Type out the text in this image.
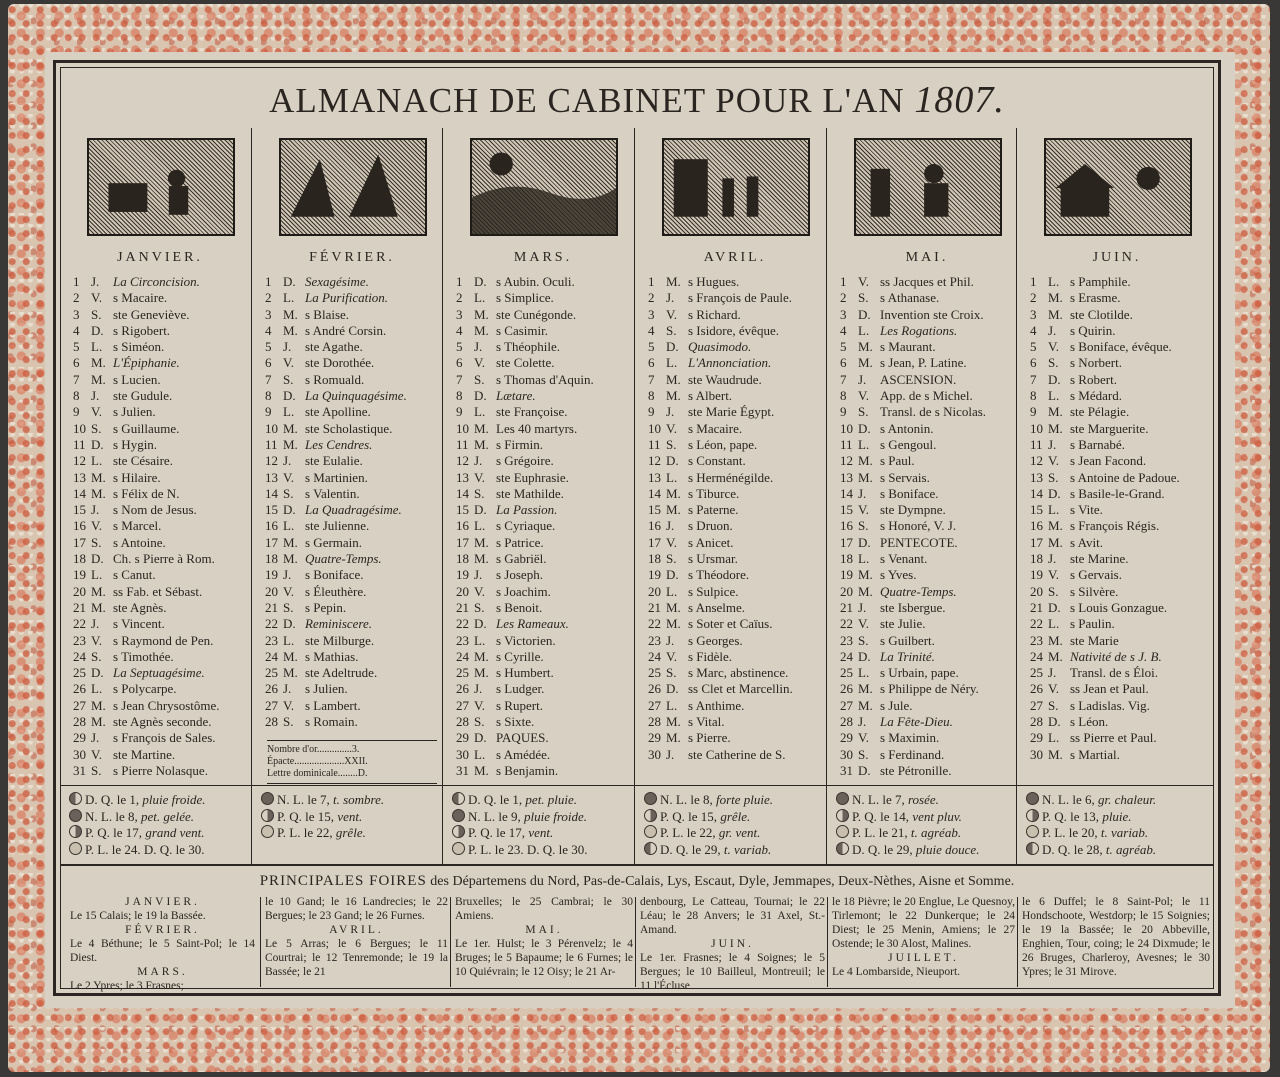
ALMANACH DE CABINET POUR L'AN 1807.
JANVIER.
1 J. La Circoncision.
2 V. s Macaire.
3 S. ste Geneviève.
4 D. s Rigobert.
5 L. s Siméon.
6 M. L'Épiphanie.
7 M. s Lucien.
8 J. ste Gudule.
9 V. s Julien.
10 S. s Guillaume.
11 D. s Hygin.
12 L. ste Césaire.
13 M. s Hilaire.
14 M. s Félix de N.
15 J. s Nom de Jesus.
16 V. s Marcel.
17 S. s Antoine.
18 D. Ch. s Pierre à Rom.
19 L. s Canut.
20 M. ss Fab. et Sébast.
21 M. ste Agnès.
22 J. s Vincent.
23 V. s Raymond de Pen.
24 S. s Timothée.
25 D. La Septuagésime.
26 L. s Polycarpe.
27 M. s Jean Chrysostôme.
28 M. ste Agnès seconde.
29 J. s François de Sales.
30 V. ste Martine.
31 S. s Pierre Nolasque.
D. Q. le 1, pluie froide.
N. L. le 8, pet. gelée.
P. Q. le 17, grand vent.
P. L. le 24. D. Q. le 30.
FÉVRIER.
1 D. Sexagésime.
2 L. La Purification.
3 M. s Blaise.
4 M. s André Corsin.
5 J. ste Agathe.
6 V. ste Dorothée.
7 S. s Romuald.
8 D. La Quinquagésime.
9 L. ste Apolline.
10 M. ste Scholastique.
11 M. Les Cendres.
12 J. ste Eulalie.
13 V. s Martinien.
14 S. s Valentin.
15 D. La Quadragésime.
16 L. ste Julienne.
17 M. s Germain.
18 M. Quatre-Temps.
19 J. s Boniface.
20 V. s Éleuthère.
21 S. s Pepin.
22 D. Reminiscere.
23 L. ste Milburge.
24 M. s Mathias.
25 M. ste Adeltrude.
26 J. s Julien.
27 V. s Lambert.
28 S. s Romain.
Nombre d'or..............3.
Épacte....................XXII.
Lettre dominicale........D.
N. L. le 7, t. sombre.
P. Q. le 15, vent.
P. L. le 22, grêle.
MARS.
1 D. s Aubin. Oculi.
2 L. s Simplice.
3 M. ste Cunégonde.
4 M. s Casimir.
5 J. s Théophile.
6 V. ste Colette.
7 S. s Thomas d'Aquin.
8 D. Lætare.
9 L. ste Françoise.
10 M. Les 40 martyrs.
11 M. s Firmin.
12 J. s Grégoire.
13 V. ste Euphrasie.
14 S. ste Mathilde.
15 D. La Passion.
16 L. s Cyriaque.
17 M. s Patrice.
18 M. s Gabriël.
19 J. s Joseph.
20 V. s Joachim.
21 S. s Benoit.
22 D. Les Rameaux.
23 L. s Victorien.
24 M. s Cyrille.
25 M. s Humbert.
26 J. s Ludger.
27 V. s Rupert.
28 S. s Sixte.
29 D. PAQUES.
30 L. s Amédée.
31 M. s Benjamin.
D. Q. le 1, pet. pluie.
N. L. le 9, pluie froide.
P. Q. le 17, vent.
P. L. le 23. D. Q. le 30.
AVRIL.
1 M. s Hugues.
2 J. s François de Paule.
3 V. s Richard.
4 S. s Isidore, évêque.
5 D. Quasimodo.
6 L. L'Annonciation.
7 M. ste Waudrude.
8 M. s Albert.
9 J. ste Marie Égypt.
10 V. s Macaire.
11 S. s Léon, pape.
12 D. s Constant.
13 L. s Herménégilde.
14 M. s Tiburce.
15 M. s Paterne.
16 J. s Druon.
17 V. s Anicet.
18 S. s Ursmar.
19 D. s Théodore.
20 L. s Sulpice.
21 M. s Anselme.
22 M. s Soter et Caïus.
23 J. s Georges.
24 V. s Fidèle.
25 S. s Marc, abstinence.
26 D. ss Clet et Marcellin.
27 L. s Anthime.
28 M. s Vital.
29 M. s Pierre.
30 J. ste Catherine de S.
N. L. le 8, forte pluie.
P. Q. le 15, grêle.
P. L. le 22, gr. vent.
D. Q. le 29, t. variab.
MAI.
1 V. ss Jacques et Phil.
2 S. s Athanase.
3 D. Invention ste Croix.
4 L. Les Rogations.
5 M. s Maurant.
6 M. s Jean, P. Latine.
7 J. ASCENSION.
8 V. App. de s Michel.
9 S. Transl. de s Nicolas.
10 D. s Antonin.
11 L. s Gengoul.
12 M. s Paul.
13 M. s Servais.
14 J. s Boniface.
15 V. ste Dympne.
16 S. s Honoré, V. J.
17 D. PENTECOTE.
18 L. s Venant.
19 M. s Yves.
20 M. Quatre-Temps.
21 J. ste Isbergue.
22 V. ste Julie.
23 S. s Guilbert.
24 D. La Trinité.
25 L. s Urbain, pape.
26 M. s Philippe de Néry.
27 M. s Jule.
28 J. La Fête-Dieu.
29 V. s Maximin.
30 S. s Ferdinand.
31 D. ste Pétronille.
N. L. le 7, rosée.
P. Q. le 14, vent pluv.
P. L. le 21, t. agréab.
D. Q. le 29, pluie douce.
JUIN.
1 L. s Pamphile.
2 M. s Erasme.
3 M. ste Clotilde.
4 J. s Quirin.
5 V. s Boniface, évêque.
6 S. s Norbert.
7 D. s Robert.
8 L. s Médard.
9 M. ste Pélagie.
10 M. ste Marguerite.
11 J. s Barnabé.
12 V. s Jean Facond.
13 S. s Antoine de Padoue.
14 D. s Basile-le-Grand.
15 L. s Vite.
16 M. s François Régis.
17 M. s Avit.
18 J. ste Marine.
19 V. s Gervais.
20 S. s Silvère.
21 D. s Louis Gonzague.
22 L. s Paulin.
23 M. ste Marie
24 M. Nativité de s J. B.
25 J. Transl. de s Éloi.
26 V. ss Jean et Paul.
27 S. s Ladislas. Vig.
28 D. s Léon.
29 L. ss Pierre et Paul.
30 M. s Martial.
N. L. le 6, gr. chaleur.
P. Q. le 13, pluie.
P. L. le 20, t. variab.
D. Q. le 28, t. agréab.
PRINCIPALES FOIRES des Départemens du Nord, Pas-de-Calais, Lys, Escaut, Dyle, Jemmapes, Deux-Nèthes, Aisne et Somme.
JANVIER.
Le 15 Calais; le 19 la Bassée.
FÉVRIER.
Le 4 Béthune; le 5 Saint-Pol; le 14 Diest.
MARS.
Le 2 Ypres; le 3 Frasnes;
le 10 Gand; le 16 Landrecies; le 22 Bergues; le 23 Gand; le 26 Furnes.
AVRIL.
Le 5 Arras; le 6 Bergues; le 11 Courtrai; le 12 Tenremonde; le 19 la Bassée; le 21
Bruxelles; le 25 Cambrai; le 30 Amiens.
MAI.
Le 1er. Hulst; le 3 Pérenvelz; le 4 Bruges; le 5 Bapaume; le 6 Furnes; le 10 Quiévrain; le 12 Oisy; le 21 Ar-
denbourg, Le Catteau, Tournai; le 22 Léau; le 28 Anvers; le 31 Axel, St.-Amand.
JUIN.
Le 1er. Frasnes; le 4 Soignes; le 5 Bergues; le 10 Bailleul, Montreuil; le 11 l'Écluse
le 18 Pièvre; le 20 Englue, Le Quesnoy, Tirlemont; le 22 Dunkerque; le 24 Diest; le 25 Menin, Amiens; le 27 Ostende; le 30 Alost, Malines.
JUILLET.
Le 4 Lombarside, Nieuport.
le 6 Duffel; le 8 Saint-Pol; le 11 Hondschoote, Westdorp; le 15 Soignies; le 19 la Bassée; le 20 Abbeville, Enghien, Tour, coing; le 24 Dixmude; le 26 Bruges, Charleroy, Avesnes; le 30 Ypres; le 31 Mirove.
